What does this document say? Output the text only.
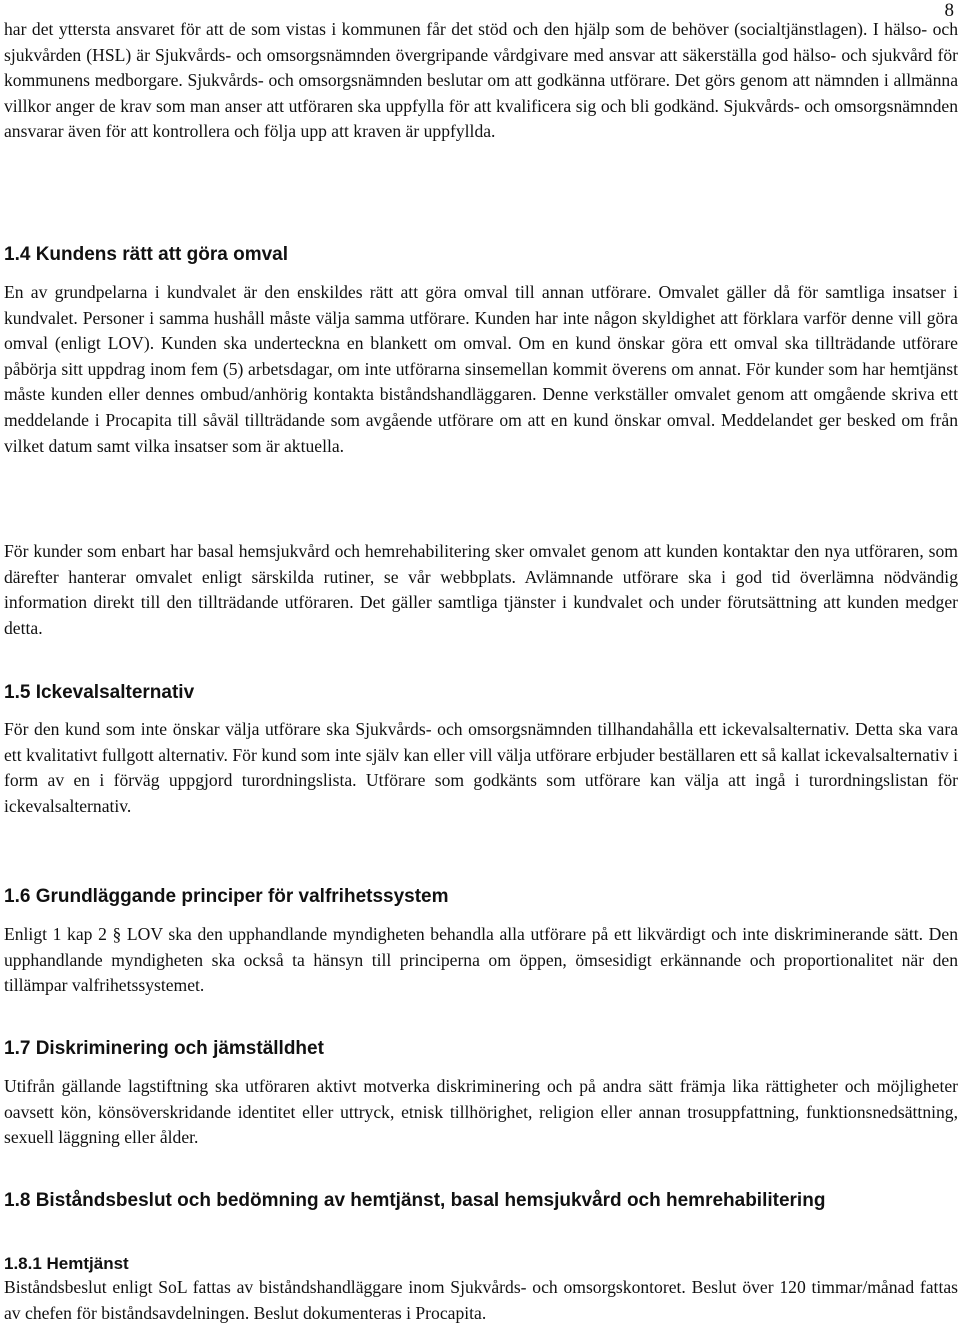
8

har det yttersta ansvaret för att de som vistas i kommunen får det stöd och den hjälp som de behöver (socialtjänstlagen). I hälso- och sjukvården (HSL) är Sjukvårds- och omsorgsnämnden övergripande vårdgivare med ansvar att säkerställa god hälso- och sjukvård för kommunens medborgare. Sjukvårds- och omsorgsnämnden beslutar om att godkänna utförare. Det görs genom att nämnden i allmänna villkor anger de krav som man anser att utföraren ska uppfylla för att kvalificera sig och bli godkänd. Sjukvårds- och omsorgsnämnden ansvarar även för att kontrollera och följa upp att kraven är uppfyllda.

1.4 Kundens rätt att göra omval

En av grundpelarna i kundvalet är den enskildes rätt att göra omval till annan utförare. Omvalet gäller då för samtliga insatser i kundvalet. Personer i samma hushåll måste välja samma utförare. Kunden har inte någon skyldighet att förklara varför denne vill göra omval (enligt LOV). Kunden ska underteckna en blankett om omval. Om en kund önskar göra ett omval ska tillträdande utförare påbörja sitt uppdrag inom fem (5) arbetsdagar, om inte utförarna sinsemellan kommit överens om annat. För kunder som har hemtjänst måste kunden eller dennes ombud/anhörig kontakta biståndshandläggaren. Denne verkställer omvalet genom att omgående skriva ett meddelande i Procapita till såväl tillträdande som avgående utförare om att en kund önskar omval. Meddelandet ger besked om från vilket datum samt vilka insatser som är aktuella.

För kunder som enbart har basal hemsjukvård och hemrehabilitering sker omvalet genom att kunden kontaktar den nya utföraren, som därefter hanterar omvalet enligt särskilda rutiner, se vår webbplats. Avlämnande utförare ska i god tid överlämna nödvändig information direkt till den tillträdande utföraren. Det gäller samtliga tjänster i kundvalet och under förutsättning att kunden medger detta.

1.5 Ickevalsalternativ

För den kund som inte önskar välja utförare ska Sjukvårds- och omsorgsnämnden tillhandahålla ett ickevalsalternativ. Detta ska vara ett kvalitativt fullgott alternativ. För kund som inte själv kan eller vill välja utförare erbjuder beställaren ett så kallat ickevalsalternativ i form av en i förväg uppgjord turordningslista. Utförare som godkänts som utförare kan välja att ingå i turordningslistan för ickevalsalternativ.

1.6 Grundläggande principer för valfrihetssystem

Enligt 1 kap 2 § LOV ska den upphandlande myndigheten behandla alla utförare på ett likvärdigt och inte diskriminerande sätt. Den upphandlande myndigheten ska också ta hänsyn till principerna om öppen, ömsesidigt erkännande och proportionalitet när den tillämpar valfrihetssystemet.

1.7 Diskriminering och jämställdhet

Utifrån gällande lagstiftning ska utföraren aktivt motverka diskriminering och på andra sätt främja lika rättigheter och möjligheter oavsett kön, könsöverskridande identitet eller uttryck, etnisk tillhörighet, religion eller annan trosuppfattning, funktionsnedsättning, sexuell läggning eller ålder.

1.8 Biståndsbeslut och bedömning av hemtjänst, basal hemsjukvård och hemrehabilitering
1.8.1 Hemtjänst

Biståndsbeslut enligt SoL fattas av biståndshandläggare inom Sjukvårds- och omsorgskontoret. Beslut över 120 timmar/månad fattas av chefen för biståndsavdelningen. Beslut dokumenteras i Procapita.
